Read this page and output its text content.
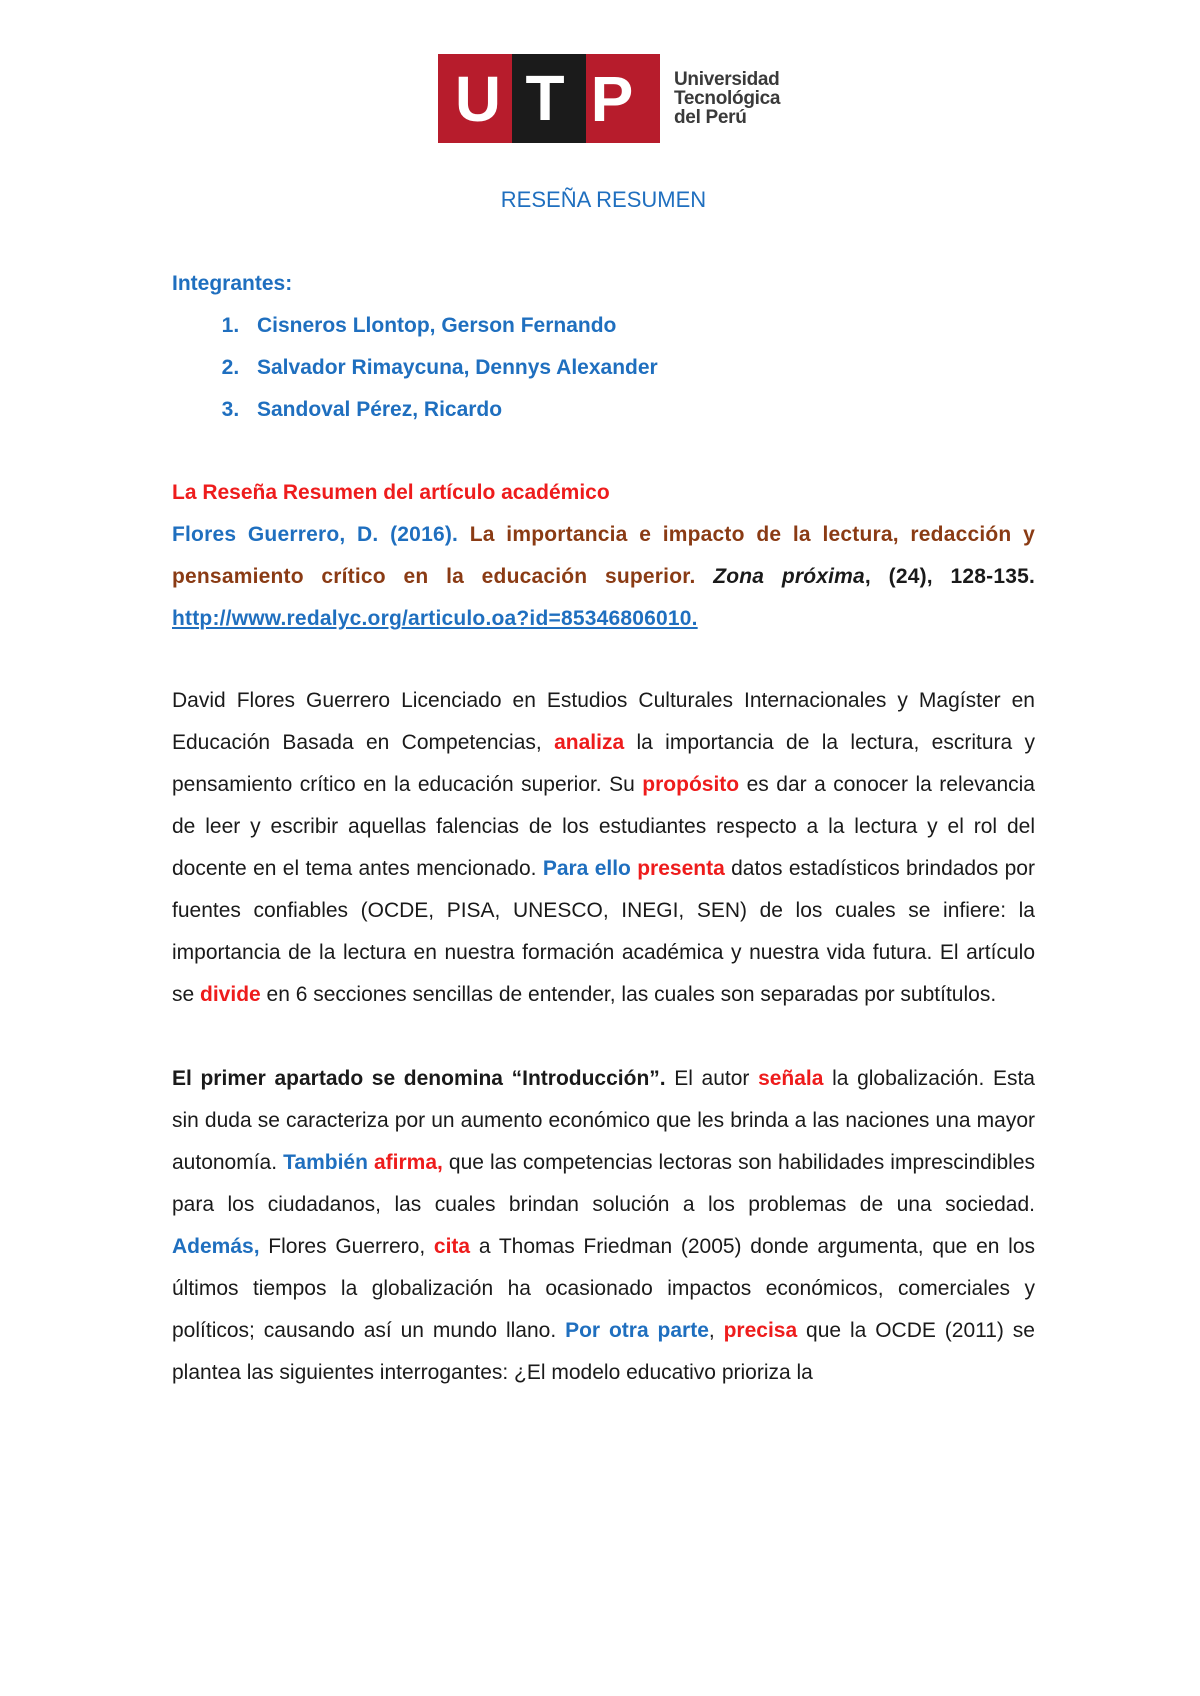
U T P Universidad
Tecnológica
del Perú

RESEÑA RESUMEN

Integrantes:

1. Cisneros Llontop, Gerson Fernando
2. Salvador Rimaycuna, Dennys Alexander
3. Sandoval Pérez, Ricardo

La Reseña Resumen del artículo académico

Flores Guerrero, D. (2016). La importancia e impacto de la lectura, redacción y pensamiento crítico en la educación superior. Zona próxima, (24), 128-135. http://www.redalyc.org/articulo.oa?id=85346806010.

David Flores Guerrero Licenciado en Estudios Culturales Internacionales y Magíster en Educación Basada en Competencias, analiza la importancia de la lectura, escritura y pensamiento crítico en la educación superior. Su propósito es dar a conocer la relevancia de leer y escribir aquellas falencias de los estudiantes respecto a la lectura y el rol del docente en el tema antes mencionado. Para ello presenta datos estadísticos brindados por fuentes confiables (OCDE, PISA, UNESCO, INEGI, SEN) de los cuales se infiere: la importancia de la lectura en nuestra formación académica y nuestra vida futura. El artículo se divide en 6 secciones sencillas de entender, las cuales son separadas por subtítulos.

El primer apartado se denomina “Introducción”. El autor señala la globalización. Esta sin duda se caracteriza por un aumento económico que les brinda a las naciones una mayor autonomía. También afirma, que las competencias lectoras son habilidades imprescindibles para los ciudadanos, las cuales brindan solución a los problemas de una sociedad. Además, Flores Guerrero, cita a Thomas Friedman (2005) donde argumenta, que en los últimos tiempos la globalización ha ocasionado impactos económicos, comerciales y políticos; causando así un mundo llano. Por otra parte, precisa que la OCDE (2011) se plantea las siguientes interrogantes: ¿El modelo educativo prioriza la
